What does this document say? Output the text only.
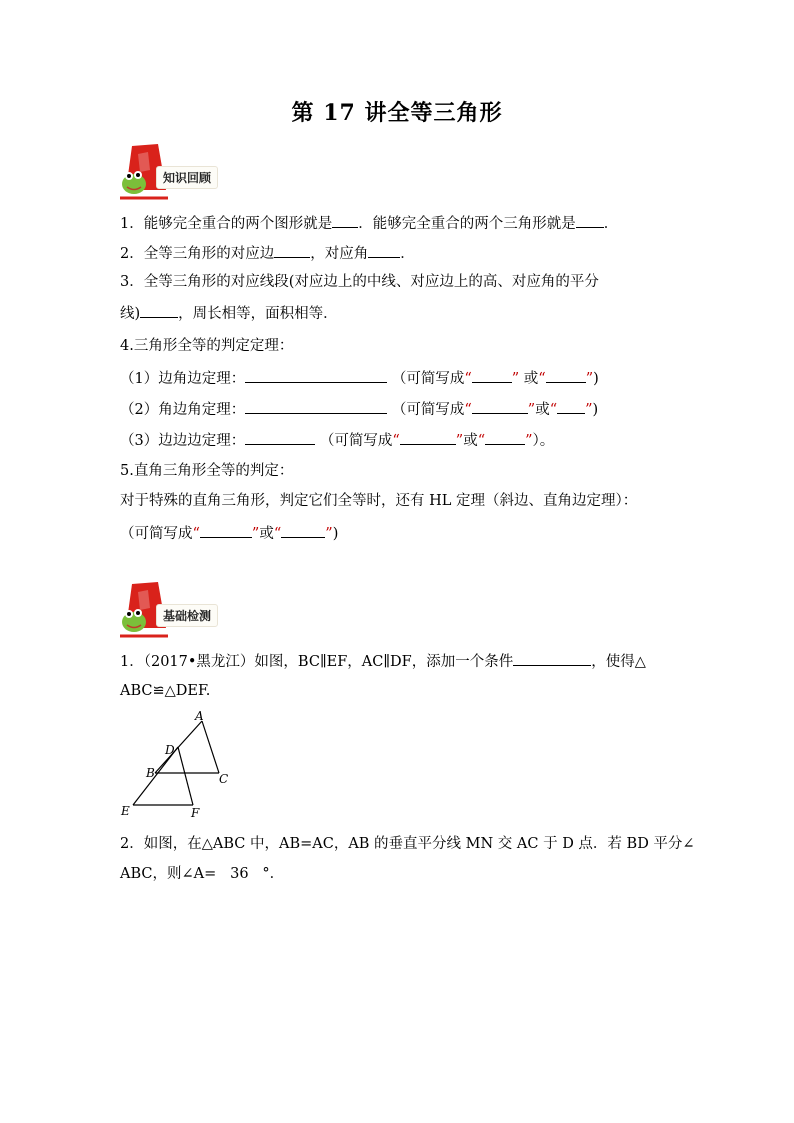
第 17 讲全等三角形
知识回顾
1．能够完全重合的两个图形就是 ．能够完全重合的两个三角形就是 ．
2．全等三角形的对应边 ，对应角 ．
3．全等三角形的对应线段(对应边上的中线、对应边上的高、对应角的平分
线)	，周长相等，面积相等．
4.三角形全等的判定定理：
（1）边角边定理：	（可简写成“	” 或“	”)
（2）角边角定理：	（可简写成“	”或“ ”)
（3）边边边定理：	（可简写成“	”或“	”）。
5.直角三角形全等的判定：
对于特殊的直角三角形，判定它们全等时，还有 HL 定理（斜边、直角边定理）：
（可简写成“	”或“	”)
基础检测
1．（2017•黑龙江）如图，BC∥EF，AC∥DF，添加一个条件	，使得△
ABC≌△DEF.
A
D
B	C
E	F
2．如图，在△ABC 中，AB=AC，AB 的垂直平分线 MN 交 AC 于 D 点．若 BD 平分∠
ABC，则∠A= 36 °．
